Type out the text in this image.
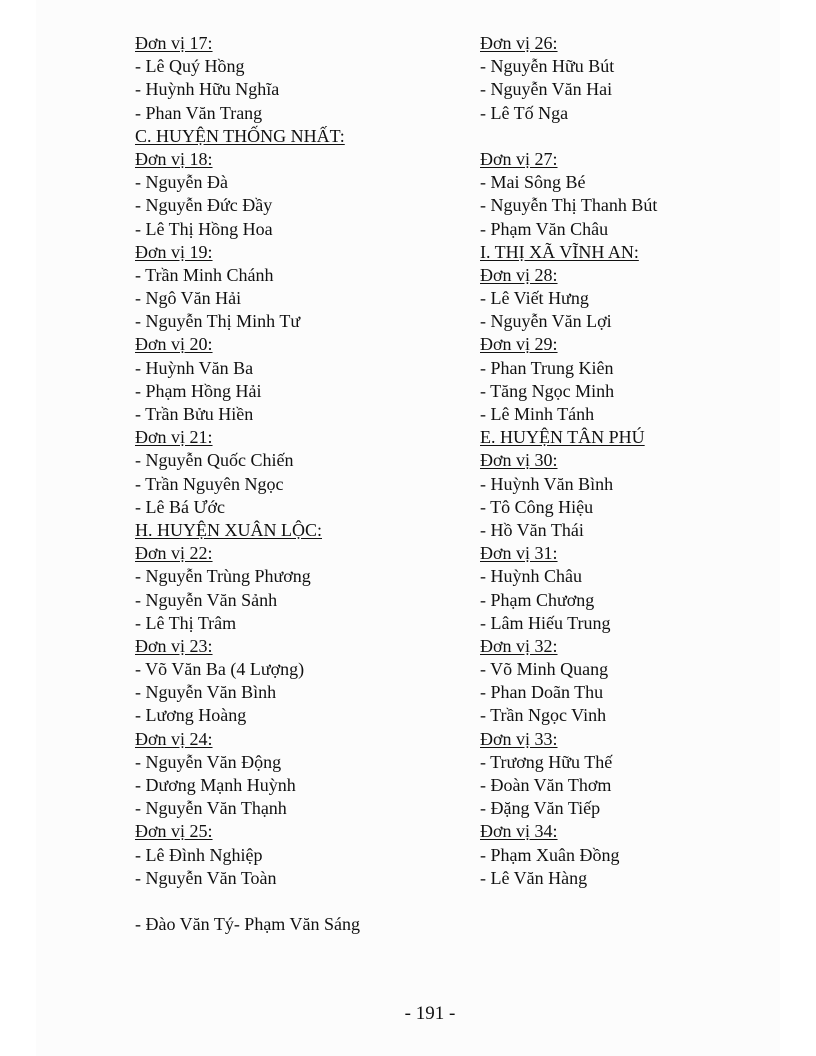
Đơn vị 17:
- Lê Quý Hồng
- Huỳnh Hữu Nghĩa
- Phan Văn Trang
C. HUYỆN THỐNG NHẤT:
Đơn vị 18:
- Nguyễn Đà
- Nguyễn Đức Đầy
- Lê Thị Hồng Hoa
Đơn vị 19:
- Trần Minh Chánh
- Ngô Văn Hải
- Nguyễn Thị Minh Tư
Đơn vị 20:
- Huỳnh Văn Ba
- Phạm Hồng Hải
- Trần Bửu Hiền
Đơn vị 21:
- Nguyễn Quốc Chiến
- Trần Nguyên Ngọc
- Lê Bá Ước
H. HUYỆN XUÂN LỘC:
Đơn vị 22:
- Nguyễn Trùng Phương
- Nguyễn Văn Sảnh
- Lê Thị Trâm
Đơn vị 23:
- Võ Văn Ba (4 Lượng)
- Nguyễn Văn Bình
- Lương Hoàng
Đơn vị 24:
- Nguyễn Văn Động
- Dương Mạnh Huỳnh
- Nguyễn Văn Thạnh
Đơn vị 25:
- Lê Đình Nghiệp
- Nguyễn Văn Toàn
- Đào Văn Tý- Phạm Văn Sáng
Đơn vị 26:
- Nguyễn Hữu Bút
- Nguyễn Văn Hai
- Lê Tố Nga
Đơn vị 27:
- Mai Sông Bé
- Nguyễn Thị Thanh Bút
- Phạm Văn Châu
I. THỊ XÃ VĨNH AN:
Đơn vị 28:
- Lê Viết Hưng
- Nguyễn Văn Lợi
Đơn vị 29:
- Phan Trung Kiên
- Tăng Ngọc Minh
- Lê Minh Tánh
E. HUYỆN TÂN PHÚ
Đơn vị 30:
- Huỳnh Văn Bình
- Tô Công Hiệu
- Hồ Văn Thái
Đơn vị 31:
- Huỳnh Châu
- Phạm Chương
- Lâm Hiếu Trung
Đơn vị 32:
- Võ Minh Quang
- Phan Doãn Thu
- Trần Ngọc Vinh
Đơn vị 33:
- Trương Hữu Thế
- Đoàn Văn Thơm
- Đặng Văn Tiếp
Đơn vị 34:
- Phạm Xuân Đồng
- Lê Văn Hàng
- 191 -
